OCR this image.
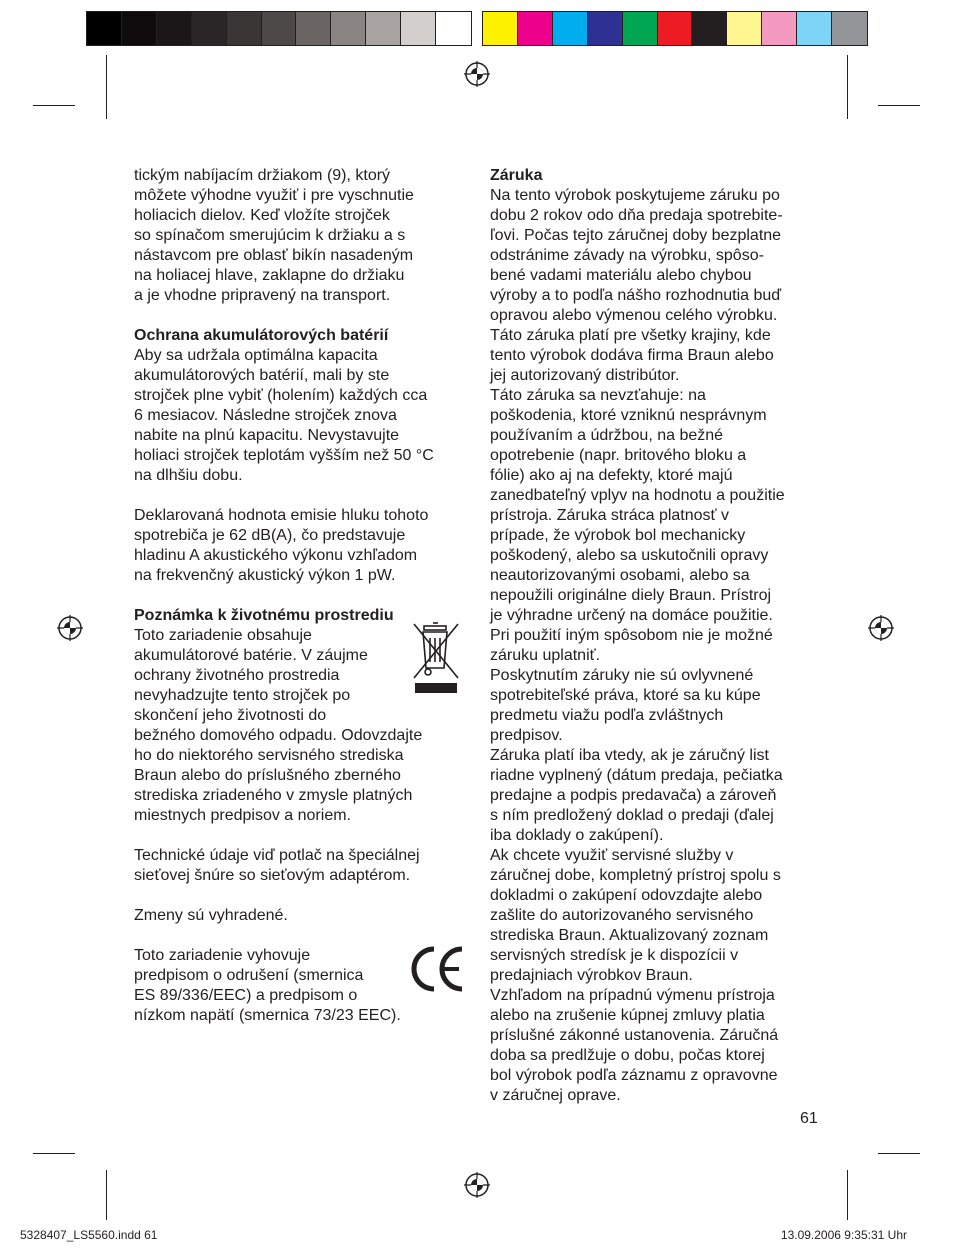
tickým nabíjacím držiakom (9), ktorý
môžete výhodne využiť i pre vyschnutie
holiacich dielov. Keď vložíte strojček
so spínačom smerujúcim k držiaku a s
nástavcom pre oblasť bikín nasadeným
na holiacej hlave, zaklapne do držiaku
a je vhodne pripravený na transport.
Ochrana akumulátorových batérií
Aby sa udržala optimálna kapacita
akumulátorových batérií, mali by ste
strojček plne vybiť (holením) každých cca
6 mesiacov. Následne strojček znova
nabite na plnú kapacitu. Nevystavujte
holiaci strojček teplotám vyšším než 50 °C
na dlhšiu dobu.
Deklarovaná hodnota emisie hluku tohoto
spotrebiča je 62 dB(A), čo predstavuje
hladinu A akustického výkonu vzhľadom
na frekvenčný akustický výkon 1 pW.
Poznámka k životnému prostrediu
Toto zariadenie obsahuje
akumulátorové batérie. V záujme
ochrany životného prostredia
nevyhadzujte tento strojček po
skončení jeho životnosti do
bežného domového odpadu. Odovzdajte
ho do niektorého servisného strediska
Braun alebo do príslušného zberného
strediska zriadeného v zmysle platných
miestnych predpisov a noriem.
Technické údaje viď potlač na špeciálnej
sieťovej šnúre so sieťovým adaptérom.
Zmeny sú vyhradené.
Toto zariadenie vyhovuje
predpisom o odrušení (smernica
ES 89/336/EEC) a predpisom o
nízkom napätí (smernica 73/23 EEC).
Záruka
Na tento výrobok poskytujeme záruku po
dobu 2 rokov odo dňa predaja spotrebite-
ľovi. Počas tejto záručnej doby bezplatne
odstránime závady na výrobku, spôso-
bené vadami materiálu alebo chybou
výroby a to podľa nášho rozhodnutia buď
opravou alebo výmenou celého výrobku.
Táto záruka platí pre všetky krajiny, kde
tento výrobok dodáva firma Braun alebo
jej autorizovaný distribútor.
Táto záruka sa nevzťahuje: na
poškodenia, ktoré vzniknú nesprávnym
používaním a údržbou, na bežné
opotrebenie (napr. britového bloku a
fólie) ako aj na defekty, ktoré majú
zanedbateľný vplyv na hodnotu a použitie
prístroja. Záruka stráca platnosť v
prípade, že výrobok bol mechanicky
poškodený, alebo sa uskutočnili opravy
neautorizovanými osobami, alebo sa
nepoužili originálne diely Braun. Prístroj
je výhradne určený na domáce použitie.
Pri použití iným spôsobom nie je možné
záruku uplatniť.
Poskytnutím záruky nie sú ovlyvnené
spotrebiteľské práva, ktoré sa ku kúpe
predmetu viažu podľa zvláštnych
predpisov.
Záruka platí iba vtedy, ak je záručný list
riadne vyplnený (dátum predaja, pečiatka
predajne a podpis predavača) a zároveň
s ním predložený doklad o predaji (ďalej
iba doklady o zakúpení).
Ak chcete využiť servisné služby v
záručnej dobe, kompletný prístroj spolu s
dokladmi o zakúpení odovzdajte alebo
zašlite do autorizovaného servisného
strediska Braun. Aktualizovaný zoznam
servisných stredísk je k dispozícii v
predajniach výrobkov Braun.
Vzhľadom na prípadnú výmenu prístroja
alebo na zrušenie kúpnej zmluvy platia
príslušné zákonné ustanovenia. Záručná
doba sa predlžuje o dobu, počas ktorej
bol výrobok podľa záznamu z opravovne
v záručnej oprave.
61
5328407_LS5560.indd 61	13.09.2006 9:35:31 Uhr
